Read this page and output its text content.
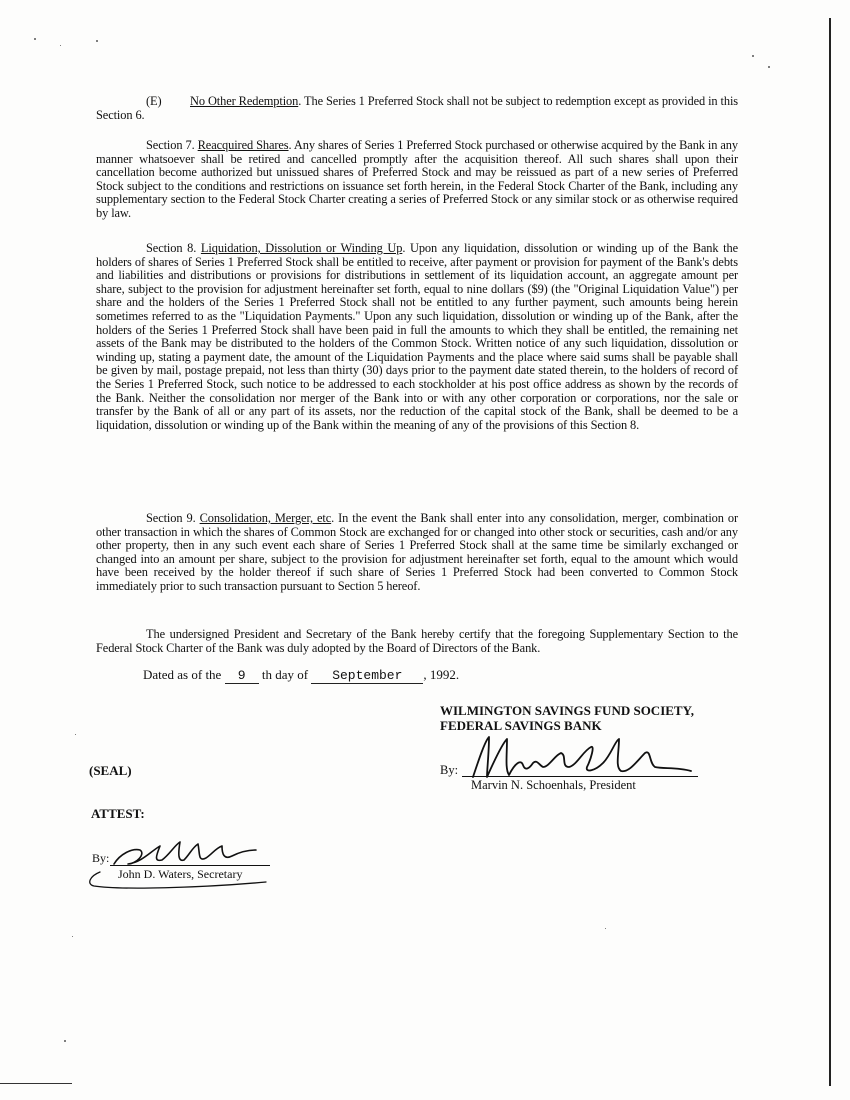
(E) No Other Redemption. The Series 1 Preferred Stock shall not be subject to redemption except as provided in this Section 6.

Section 7. Reacquired Shares. Any shares of Series 1 Preferred Stock purchased or otherwise acquired by the Bank in any manner whatsoever shall be retired and cancelled promptly after the acquisition thereof. All such shares shall upon their cancellation become authorized but unissued shares of Preferred Stock and may be reissued as part of a new series of Preferred Stock subject to the conditions and restrictions on issuance set forth herein, in the Federal Stock Charter of the Bank, including any supplementary section to the Federal Stock Charter creating a series of Preferred Stock or any similar stock or as otherwise required by law.

Section 8. Liquidation, Dissolution or Winding Up. Upon any liquidation, dissolution or winding up of the Bank the holders of shares of Series 1 Preferred Stock shall be entitled to receive, after payment or provision for payment of the Bank's debts and liabilities and distributions or provisions for distributions in settlement of its liquidation account, an aggregate amount per share, subject to the provision for adjustment hereinafter set forth, equal to nine dollars ($9) (the "Original Liquidation Value") per share and the holders of the Series 1 Preferred Stock shall not be entitled to any further payment, such amounts being herein sometimes referred to as the "Liquidation Payments." Upon any such liquidation, dissolution or winding up of the Bank, after the holders of the Series 1 Preferred Stock shall have been paid in full the amounts to which they shall be entitled, the remaining net assets of the Bank may be distributed to the holders of the Common Stock. Written notice of any such liquidation, dissolution or winding up, stating a payment date, the amount of the Liquidation Payments and the place where said sums shall be payable shall be given by mail, postage prepaid, not less than thirty (30) days prior to the payment date stated therein, to the holders of record of the Series 1 Preferred Stock, such notice to be addressed to each stockholder at his post office address as shown by the records of the Bank. Neither the consolidation nor merger of the Bank into or with any other corporation or corporations, nor the sale or transfer by the Bank of all or any part of its assets, nor the reduction of the capital stock of the Bank, shall be deemed to be a liquidation, dissolution or winding up of the Bank within the meaning of any of the provisions of this Section 8.

Section 9. Consolidation, Merger, etc. In the event the Bank shall enter into any consolidation, merger, combination or other transaction in which the shares of Common Stock are exchanged for or changed into other stock or securities, cash and/or any other property, then in any such event each share of Series 1 Preferred Stock shall at the same time be similarly exchanged or changed into an amount per share, subject to the provision for adjustment hereinafter set forth, equal to the amount which would have been received by the holder thereof if such share of Series 1 Preferred Stock had been converted to Common Stock immediately prior to such transaction pursuant to Section 5 hereof.

The undersigned President and Secretary of the Bank hereby certify that the foregoing Supplementary Section to the Federal Stock Charter of the Bank was duly adopted by the Board of Directors of the Bank.

Dated as of the 9 th day of September , 1992.
WILMINGTON SAVINGS FUND SOCIETY,
FEDERAL SAVINGS BANK
By:
Marvin N. Schoenhals, President
(SEAL)
ATTEST:
By:
John D. Waters, Secretary
